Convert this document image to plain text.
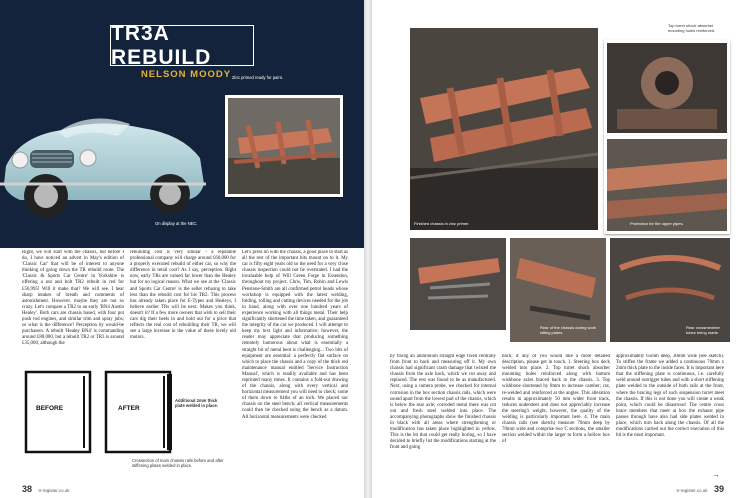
TR3A REBUILD
NELSON MOODY
On display at the NEC.
Zinc primed ready for paint.

Right, we will start with the chassis, but before I do, I have noticed an advert in May's edition of 'Classic Car' that will be of interest to anyone thinking of going down the TR rebuild route. The 'Classic & Sports Car Centre' in Yorkshire is offering a nut and bolt TR2 rebuilt in red for £56,995! Will it make that? We will see. I hear sharp intakes of breath and comments of astonishment. However, maybe they are not so crazy. Let's compare a TR2 to an early 'BN4 Austin Healey'. Both cars are chassis based, with four pot push rod engines, and similar trim and spray jobs; so what is the difference? Perception by would-be purchasers. A rebuilt 'Healey BN4' is commanding around £80,000, but a rebuilt TR2 or TR3 is around £35,000, although the

rebuilding cost is very similar - a reputable professional company will charge around £60,000 for a properly executed rebuild of either car, so why the difference in retail cost? As I say, perception. Right now, early TRs are valued far lower than the Healey but for no logical reason. What we see at the 'Classic and Sports Car Centre' is the seller refusing to take less than the rebuild cost for his TR2. This process has already taken place for E-Types and Healeys, I believe earlier TRs will be next. Makes you think, doesn't it? If a few more owners that wish to sell their cars dig their heels in and hold out for a price that reflects the real cost of rebuilding their TR, we will see a large increase in the value of these lovely old motors.

Let's press on with the chassis, a good place to start as all the rest of the important bits mount on to it. My car is fifty eight years old so the need for a very close chassis inspection could not be overstated. I had the invaluable help of Will Green Forge in Essendon, throughout my project. Chris, Tim, Robin and Lewis Penstone-Smith are all confirmed petrol heads whose workshop is equipped with the latest welding, folding, rolling and cutting devices needed for the job in hand, along with over one hundred years of experience working with all things metal. Their help significantly shortened the time taken, and guaranteed the integrity of the car we produced. I will attempt to keep my text light and informative; however, the reader may appreciate that producing something remotely humorous about what is essentially a straight bit of metal bent is challenging... Two bits of equipment are essential: a perfectly flat surface on which to place the chassis and a copy of the thick red maintenance manual entitled 'Service Instruction Manual', which is readily available and has been reprinted many times. It contains a fold-out drawing of the chassis, along with every vertical and horizontal measurement you will need to check; some of them down to 64ths of an inch. We placed our chassis on the steel bench; all vertical measurements could then be checked using the bench as a datum. All horizontal measurements were checked

BEFORE	AFTER
Additional 2mm thick plate welded in place.
Crossection of main chassis rails before and after stiffening plates welded in place.
38 tr-register.co.uk
Finished chassis in zinc primer.
Top turret shock absorber mounting holes reinforced.
Protection for the upper pipes.
New cross member tubes.
Rear of the chassis during work sitting plates.
Rear crossmember tubes being made.

by fixing an aluminium straight edge fixed centrally from front to back and measuring off it. My own chassis had significant crash damage that twisted the chassis from the axle back, which we cut away and replaced. The rest was found to be as manufactured. Next, using a camera probe, we checked for internal corrosion in the box section chassis rails, which were sound apart from the lowest part of the chassis, which is below the rear axle; corroded metal there was cut out and fresh steel welded into place. The accompanying photographs show the finished chassis in black with all areas where strengthening or modification has taken place highlighted in yellow. This is the bit that could get really boring, so I have decided to briefly list the modifications starting at the front and going

back; if any of you would like a more detailed description, please get in touch. 1. Steering box deck welded into place. 2. Top turret shock absorber mounting holes reinforced along with bottom wishbone axles braced back to the chassis. 3. Top wishbone shortened by 8mm to increase camber; cut, re-welded and reinforced at the angles. This alteration results in approximately 50 mm wider front track, reduces understeer and does not appreciably increase the steering's weight, however, the quality of the welding is particularly important here. 4. The main chassis rails (see sketch) measure 70mm deep by 70mm wide and comprise two C sections, the smaller section welded within the larger to form a hollow box of

approximately 65mm deep, 30mm wide (see sketch). To stiffen the frame we added a continuous 70mm x 2mm thick plate to the inside faces. It is important here that the stiffening plate is continuous, i.e. carefully weld around outrigger tubes and with a short stiffening plate welded to the outside of both rails at the front, where the bracing legs of such suspension turret meet the chassis. If this is not done you will create a weak point, which could be disastrous! The centre cross brace members that meet at box the exhaust pipe passes through have also had side plates welded in place, which turn back along the chassis. Of all the modifications carried out the correct execution of this bit is the most important.

→
tr-register.co.uk 39
